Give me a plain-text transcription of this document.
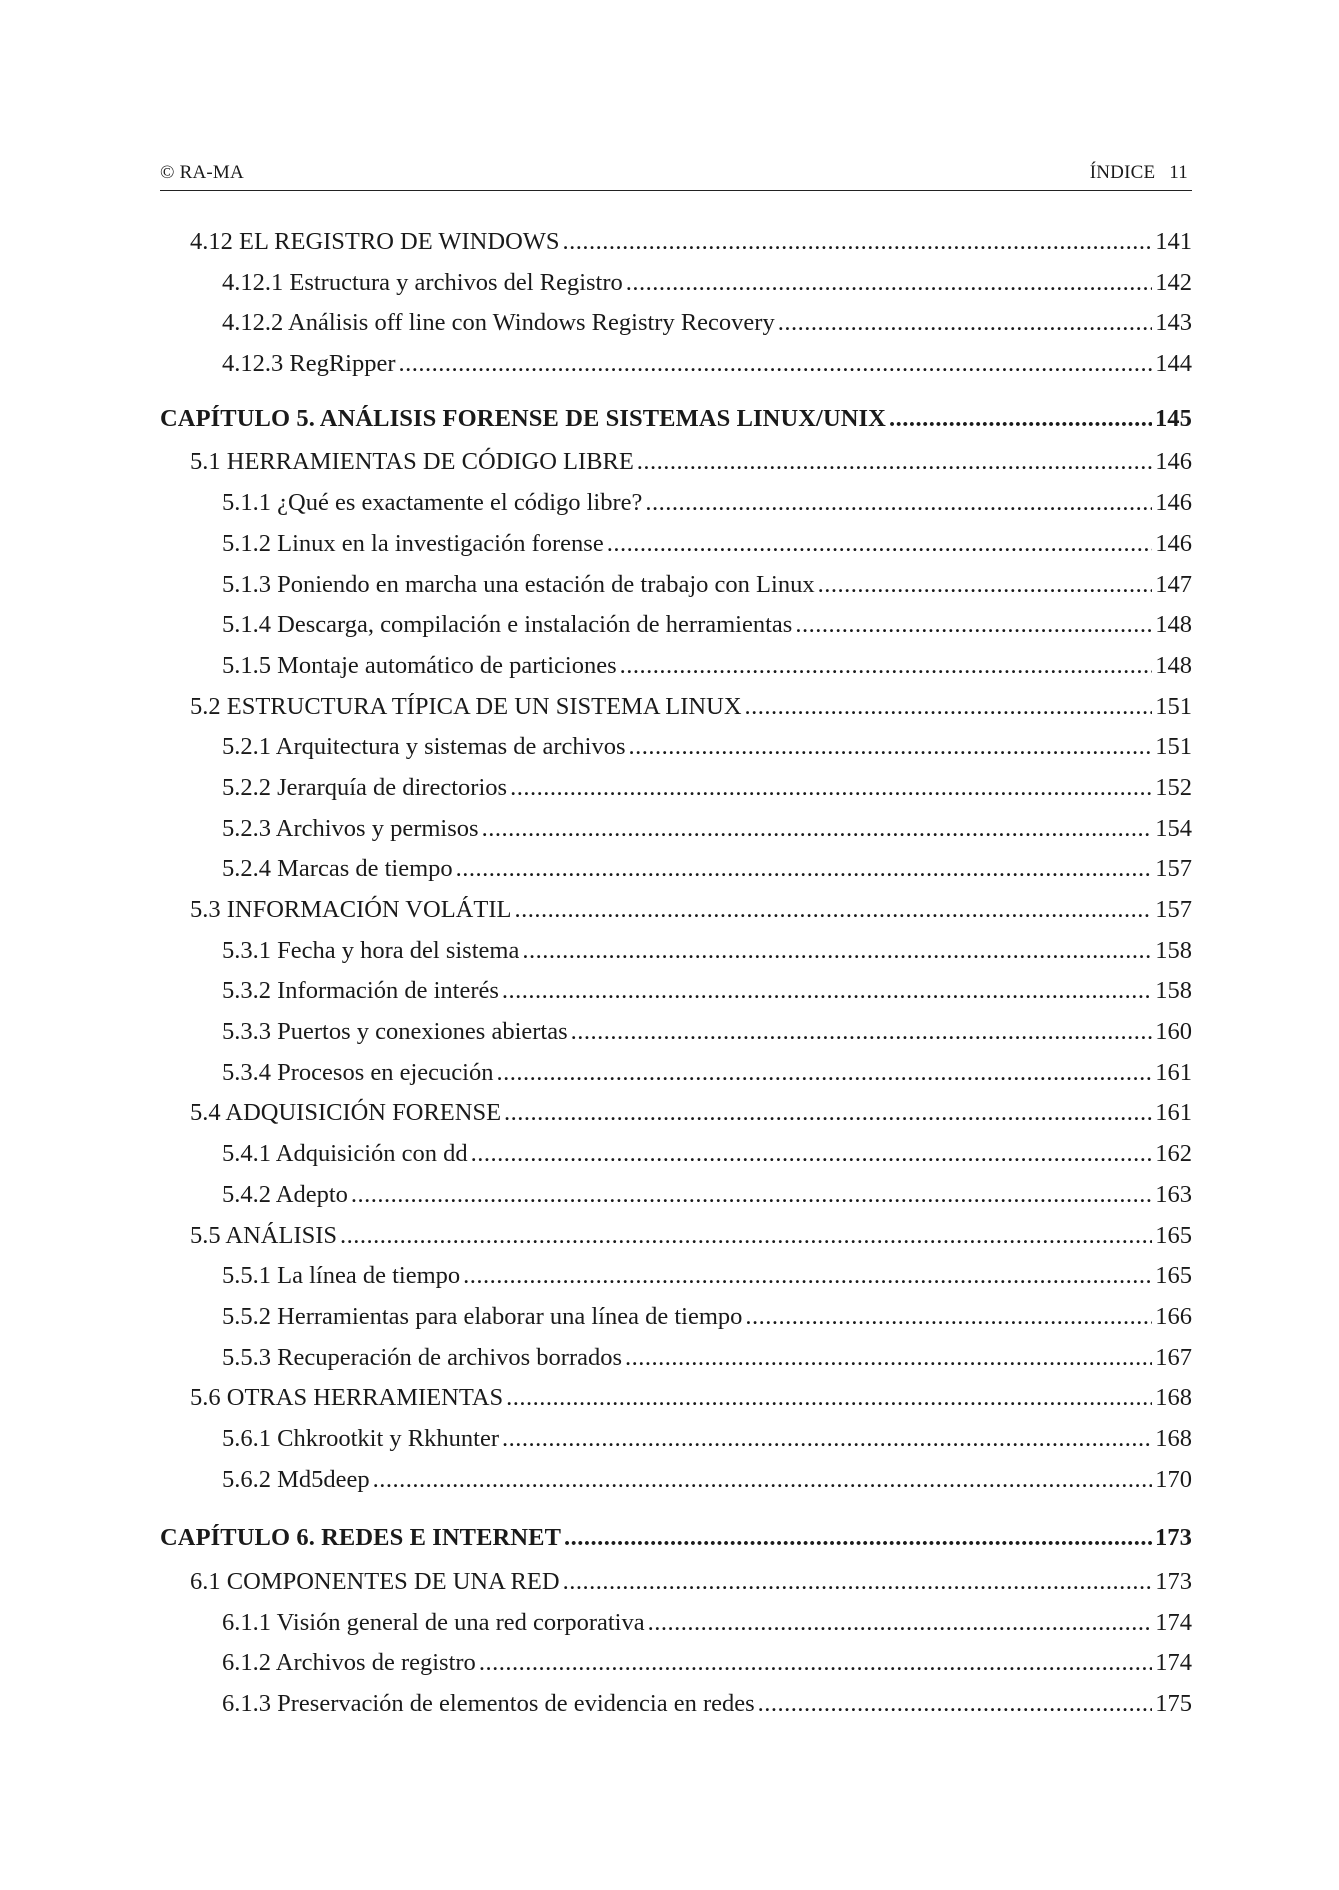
© RA-MA	ÍNDICE 11
4.12 EL REGISTRO DE WINDOWS .....	141
4.12.1 Estructura y archivos del Registro .....	142
4.12.2 Análisis off line con Windows Registry Recovery .....	143
4.12.3 RegRipper .....	144
CAPÍTULO 5. ANÁLISIS FORENSE DE SISTEMAS LINUX/UNIX .....	145
5.1 HERRAMIENTAS DE CÓDIGO LIBRE .....	146
5.1.1 ¿Qué es exactamente el código libre? .....	146
5.1.2 Linux en la investigación forense .....	146
5.1.3 Poniendo en marcha una estación de trabajo con Linux .....	147
5.1.4 Descarga, compilación e instalación de herramientas .....	148
5.1.5 Montaje automático de particiones .....	148
5.2 ESTRUCTURA TÍPICA DE UN SISTEMA LINUX .....	151
5.2.1 Arquitectura y sistemas de archivos .....	151
5.2.2 Jerarquía de directorios .....	152
5.2.3 Archivos y permisos .....	154
5.2.4 Marcas de tiempo .....	157
5.3 INFORMACIÓN VOLÁTIL .....	157
5.3.1 Fecha y hora del sistema .....	158
5.3.2 Información de interés .....	158
5.3.3 Puertos y conexiones abiertas .....	160
5.3.4 Procesos en ejecución .....	161
5.4 ADQUISICIÓN FORENSE .....	161
5.4.1 Adquisición con dd .....	162
5.4.2 Adepto .....	163
5.5 ANÁLISIS .....	165
5.5.1 La línea de tiempo .....	165
5.5.2 Herramientas para elaborar una línea de tiempo .....	166
5.5.3 Recuperación de archivos borrados .....	167
5.6 OTRAS HERRAMIENTAS .....	168
5.6.1 Chkrootkit y Rkhunter .....	168
5.6.2 Md5deep .....	170
CAPÍTULO 6. REDES E INTERNET .....	173
6.1 COMPONENTES DE UNA RED .....	173
6.1.1 Visión general de una red corporativa .....	174
6.1.2 Archivos de registro .....	174
6.1.3 Preservación de elementos de evidencia en redes .....	175
